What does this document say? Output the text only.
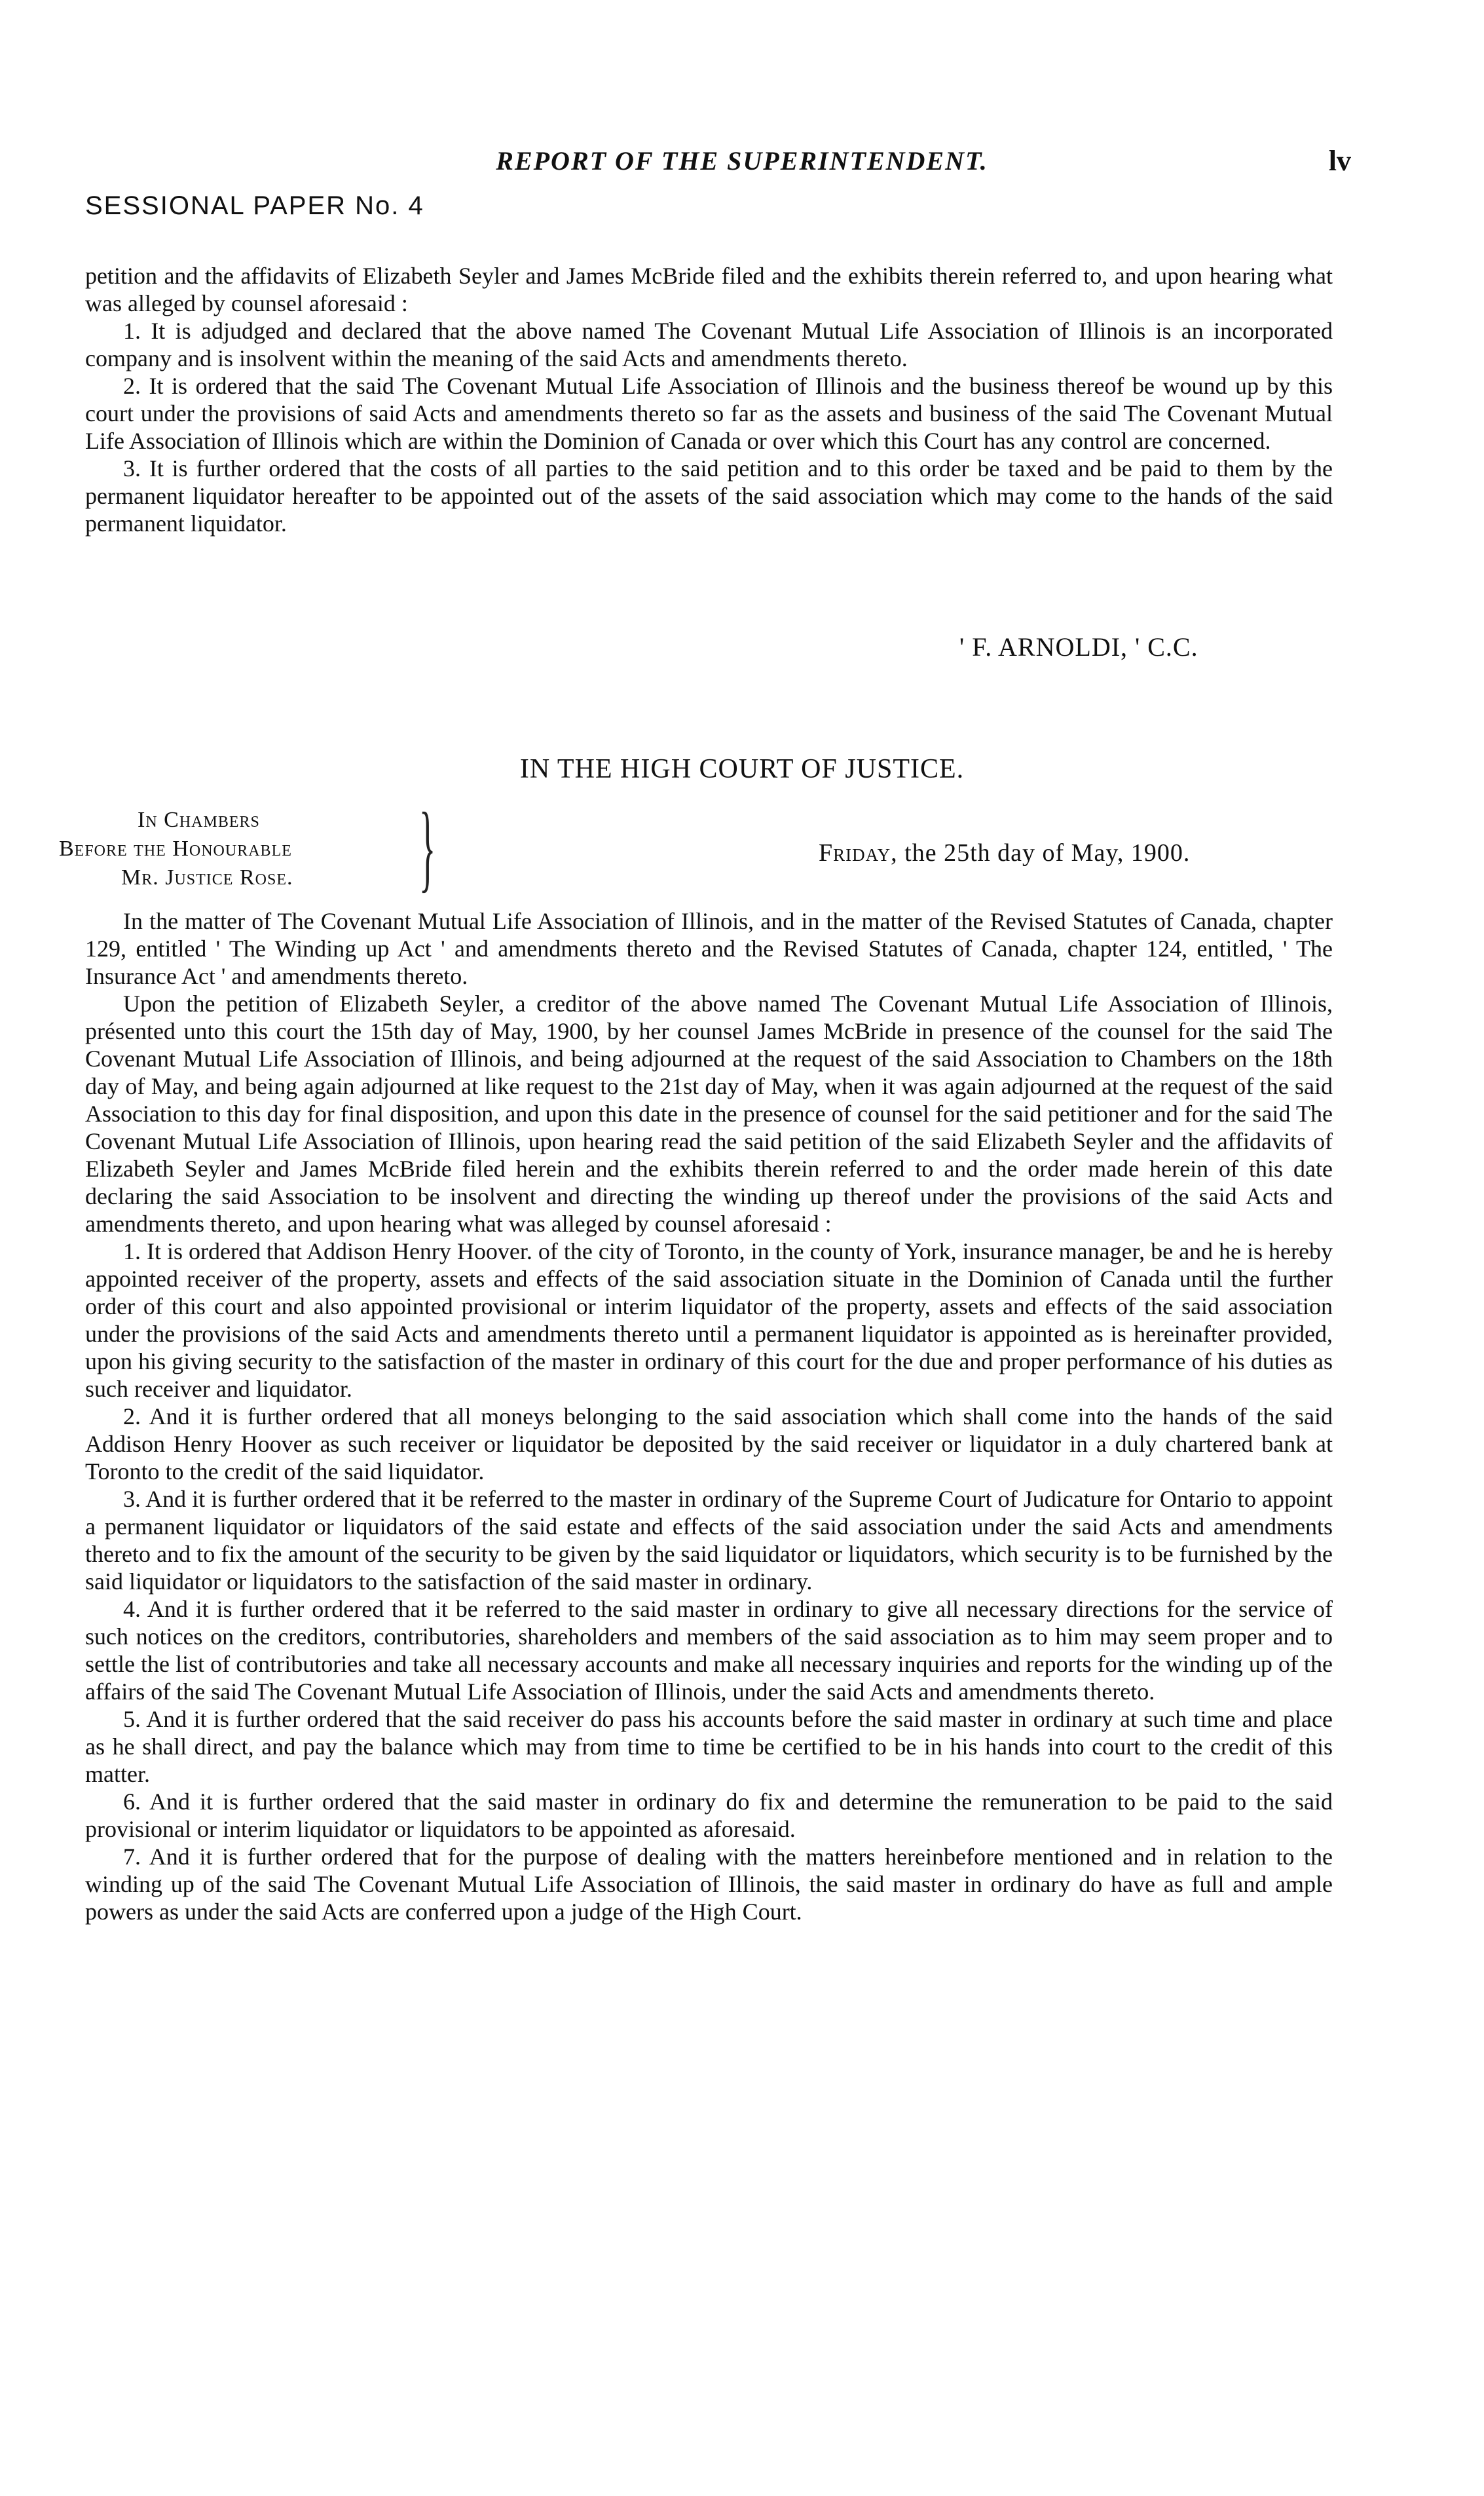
REPORT OF THE SUPERINTENDENT.	lv
SESSIONAL PAPER No. 4

petition and the affidavits of Elizabeth Seyler and James McBride filed and the exhibits therein referred to, and upon hearing what was alleged by counsel aforesaid :

1. It is adjudged and declared that the above named The Covenant Mutual Life Association of Illinois is an incorporated company and is insolvent within the meaning of the said Acts and amendments thereto.

2. It is ordered that the said The Covenant Mutual Life Association of Illinois and the business thereof be wound up by this court under the provisions of said Acts and amendments thereto so far as the assets and business of the said The Covenant Mutual Life Association of Illinois which are within the Dominion of Canada or over which this Court has any control are concerned.

3. It is further ordered that the costs of all parties to the said petition and to this order be taxed and be paid to them by the permanent liquidator hereafter to be appointed out of the assets of the said association which may come to the hands of the said permanent liquidator.

' F. ARNOLDI, ' C.C.
IN THE HIGH COURT OF JUSTICE.
In Chambers
Before the Honourable
Mr. Justice Rose. }	Friday, the 25th day of May, 1900.

In the matter of The Covenant Mutual Life Association of Illinois, and in the matter of the Revised Statutes of Canada, chapter 129, entitled ' The Winding up Act ' and amendments thereto and the Revised Statutes of Canada, chapter 124, entitled, ' The Insurance Act ' and amendments thereto.

Upon the petition of Elizabeth Seyler, a creditor of the above named The Covenant Mutual Life Association of Illinois, présented unto this court the 15th day of May, 1900, by her counsel James McBride in presence of the counsel for the said The Covenant Mutual Life Association of Illinois, and being adjourned at the request of the said Association to Chambers on the 18th day of May, and being again adjourned at like request to the 21st day of May, when it was again adjourned at the request of the said Association to this day for final disposition, and upon this date in the presence of counsel for the said petitioner and for the said The Covenant Mutual Life Association of Illinois, upon hearing read the said petition of the said Elizabeth Seyler and the affidavits of Elizabeth Seyler and James McBride filed herein and the exhibits therein referred to and the order made herein of this date declaring the said Association to be insolvent and directing the winding up thereof under the provisions of the said Acts and amendments thereto, and upon hearing what was alleged by counsel aforesaid :

1. It is ordered that Addison Henry Hoover. of the city of Toronto, in the county of York, insurance manager, be and he is hereby appointed receiver of the property, assets and effects of the said association situate in the Dominion of Canada until the further order of this court and also appointed provisional or interim liquidator of the property, assets and effects of the said association under the provisions of the said Acts and amendments thereto until a permanent liquidator is appointed as is hereinafter provided, upon his giving security to the satisfaction of the master in ordinary of this court for the due and proper performance of his duties as such receiver and liquidator.

2. And it is further ordered that all moneys belonging to the said association which shall come into the hands of the said Addison Henry Hoover as such receiver or liquidator be deposited by the said receiver or liquidator in a duly chartered bank at Toronto to the credit of the said liquidator.

3. And it is further ordered that it be referred to the master in ordinary of the Supreme Court of Judicature for Ontario to appoint a permanent liquidator or liquidators of the said estate and effects of the said association under the said Acts and amendments thereto and to fix the amount of the security to be given by the said liquidator or liquidators, which security is to be furnished by the said liquidator or liquidators to the satisfaction of the said master in ordinary.

4. And it is further ordered that it be referred to the said master in ordinary to give all necessary directions for the service of such notices on the creditors, contributories, shareholders and members of the said association as to him may seem proper and to settle the list of contributories and take all necessary accounts and make all necessary inquiries and reports for the winding up of the affairs of the said The Covenant Mutual Life Association of Illinois, under the said Acts and amendments thereto.

5. And it is further ordered that the said receiver do pass his accounts before the said master in ordinary at such time and place as he shall direct, and pay the balance which may from time to time be certified to be in his hands into court to the credit of this matter.

6. And it is further ordered that the said master in ordinary do fix and determine the remuneration to be paid to the said provisional or interim liquidator or liquidators to be appointed as aforesaid.

7. And it is further ordered that for the purpose of dealing with the matters hereinbefore mentioned and in relation to the winding up of the said The Covenant Mutual Life Association of Illinois, the said master in ordinary do have as full and ample powers as under the said Acts are conferred upon a judge of the High Court.
